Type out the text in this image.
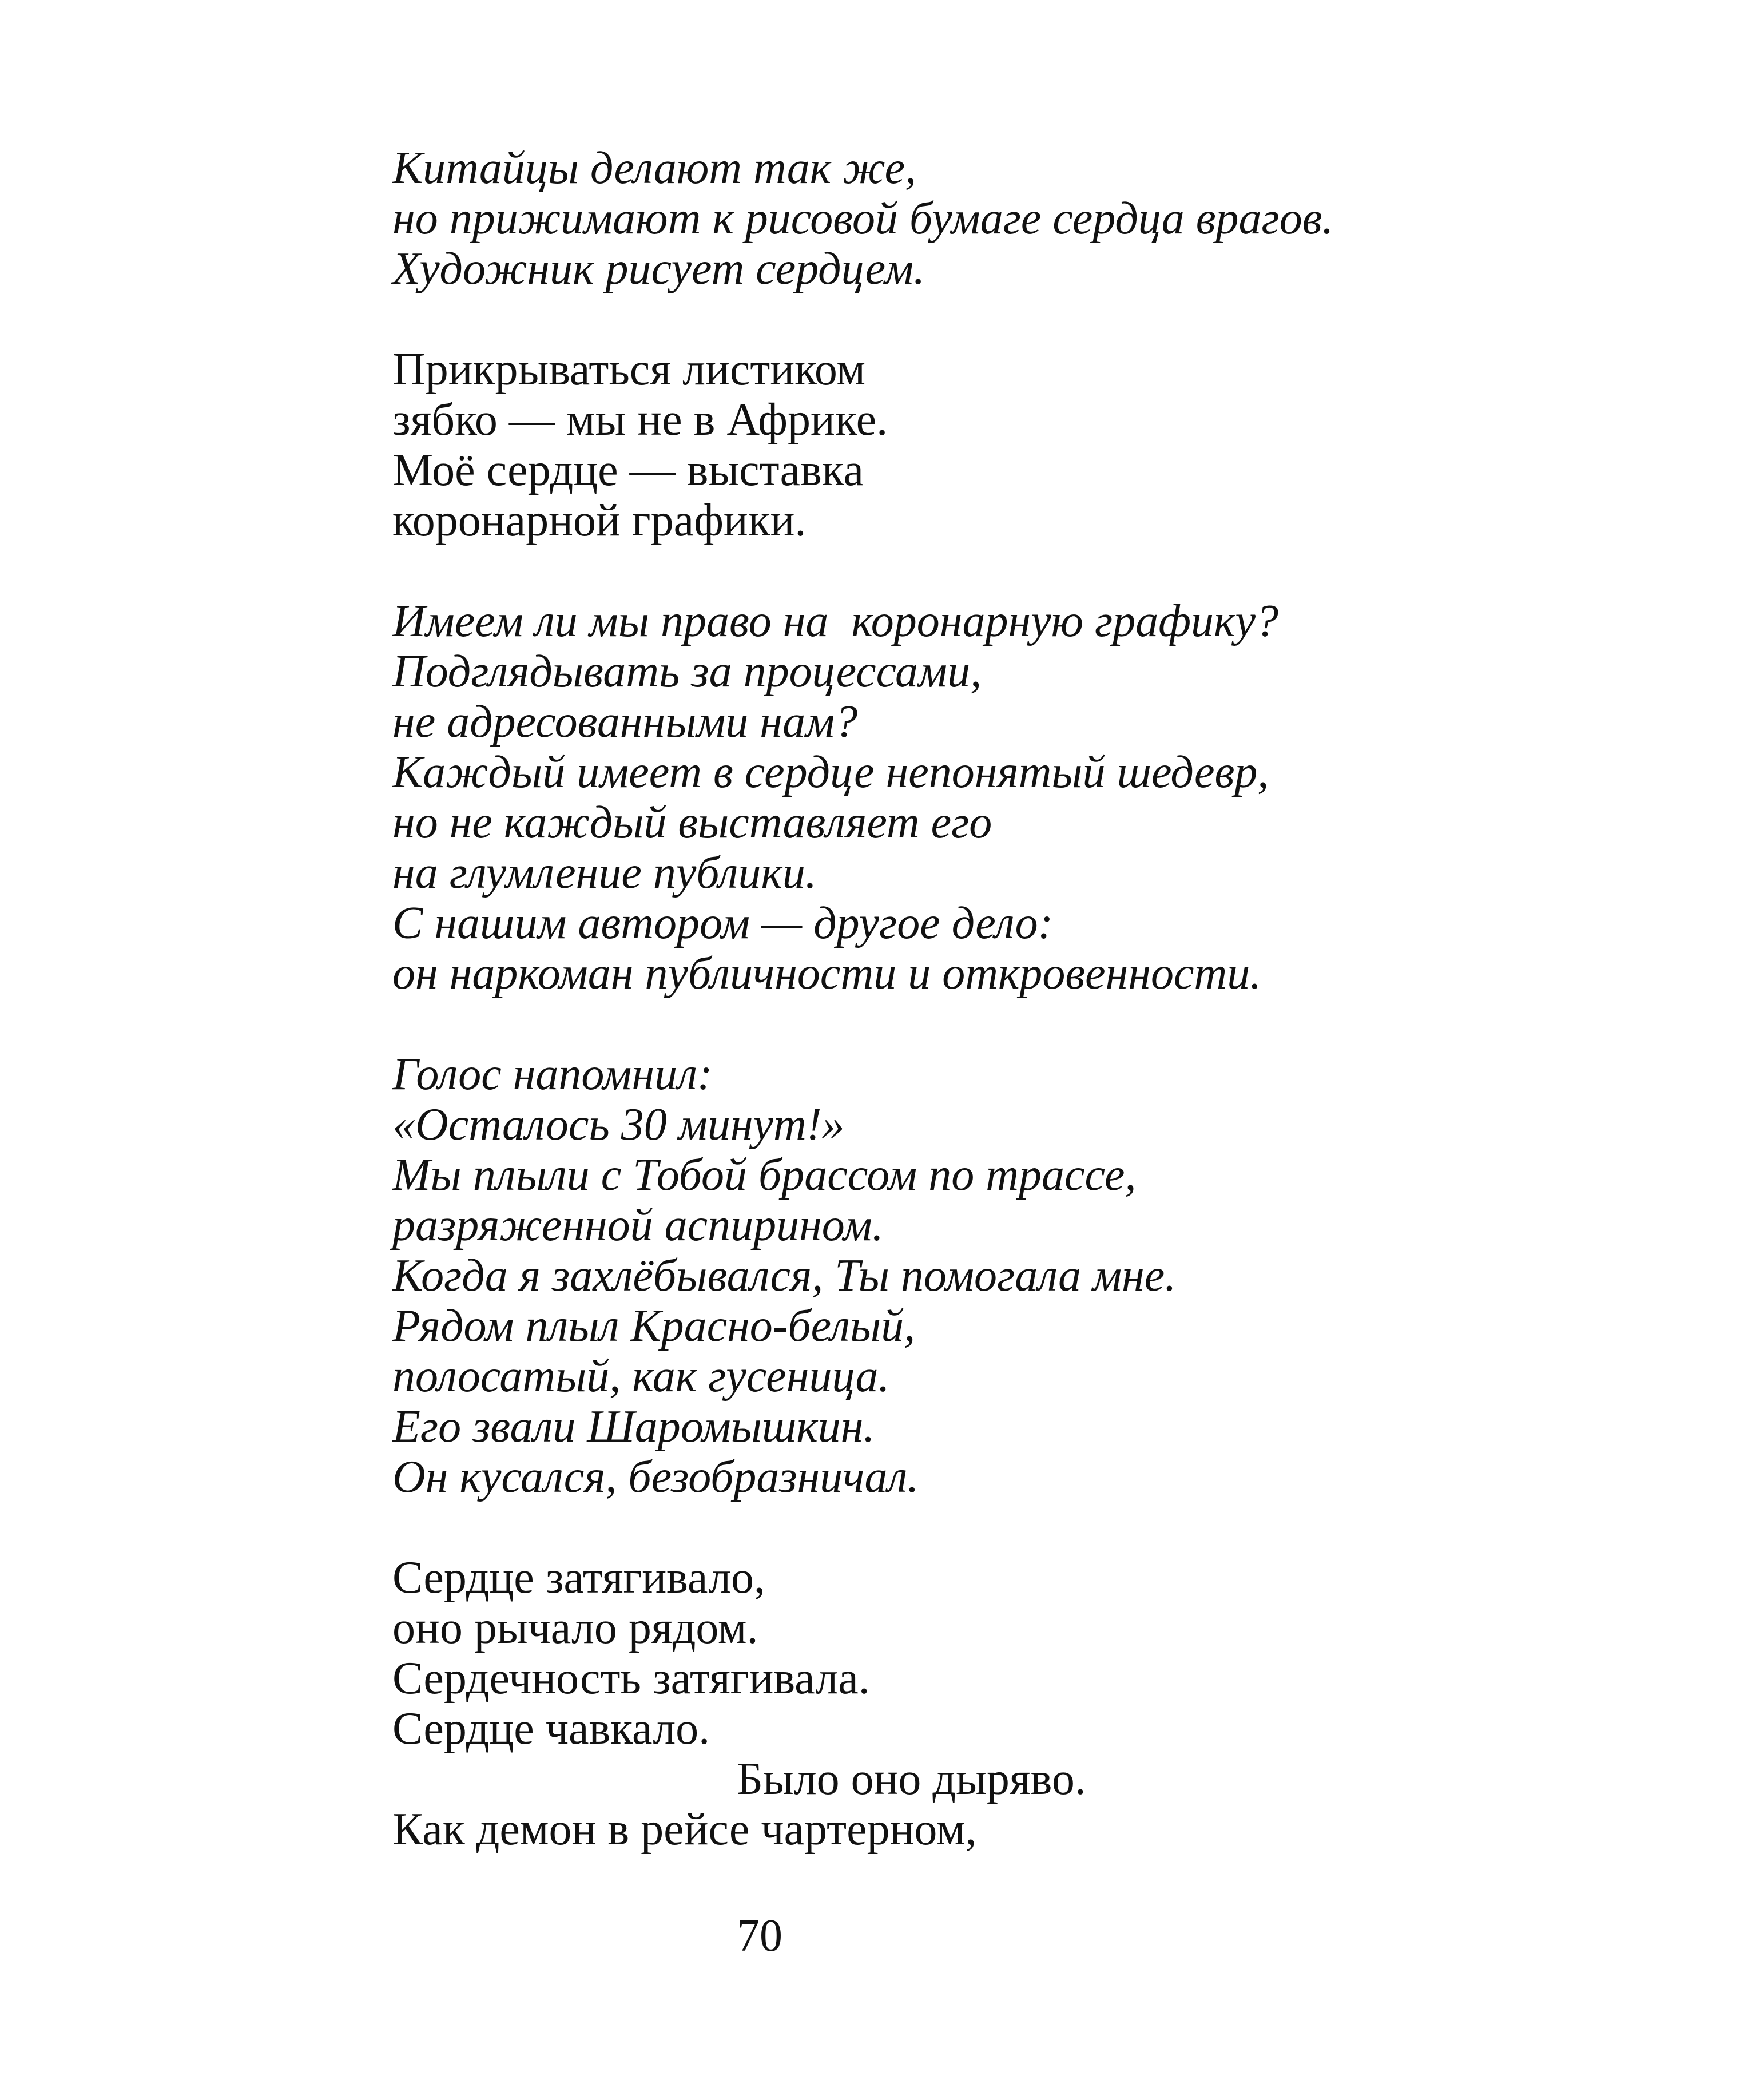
Китайцы делают так же,
но прижимают к рисовой бумаге сердца врагов.
Художник рисует сердцем.
Прикрываться листиком
зябко — мы не в Африке.
Моё сердце — выставка
коронарной графики.
Имеем ли мы право на  коронарную графику?
Подглядывать за процессами,
не адресованными нам?
Каждый имеет в сердце непонятый шедевр,
но не каждый выставляет его
на глумление публики.
С нашим автором — другое дело:
он наркоман публичности и откровенности.
Голос напомнил:
«Осталось 30 минут!»
Мы плыли с Тобой брассом по трассе,
разряженной аспирином.
Когда я захлёбывался, Ты помогала мне.
Рядом плыл Красно-белый,
полосатый, как гусеница.
Его звали Шаромышкин.
Он кусался, безобразничал.
Сердце затягивало,
оно рычало рядом.
Сердечность затягивала.
Сердце чавкало.
Было оно дыряво.
Как демон в рейсе чартерном,
70
